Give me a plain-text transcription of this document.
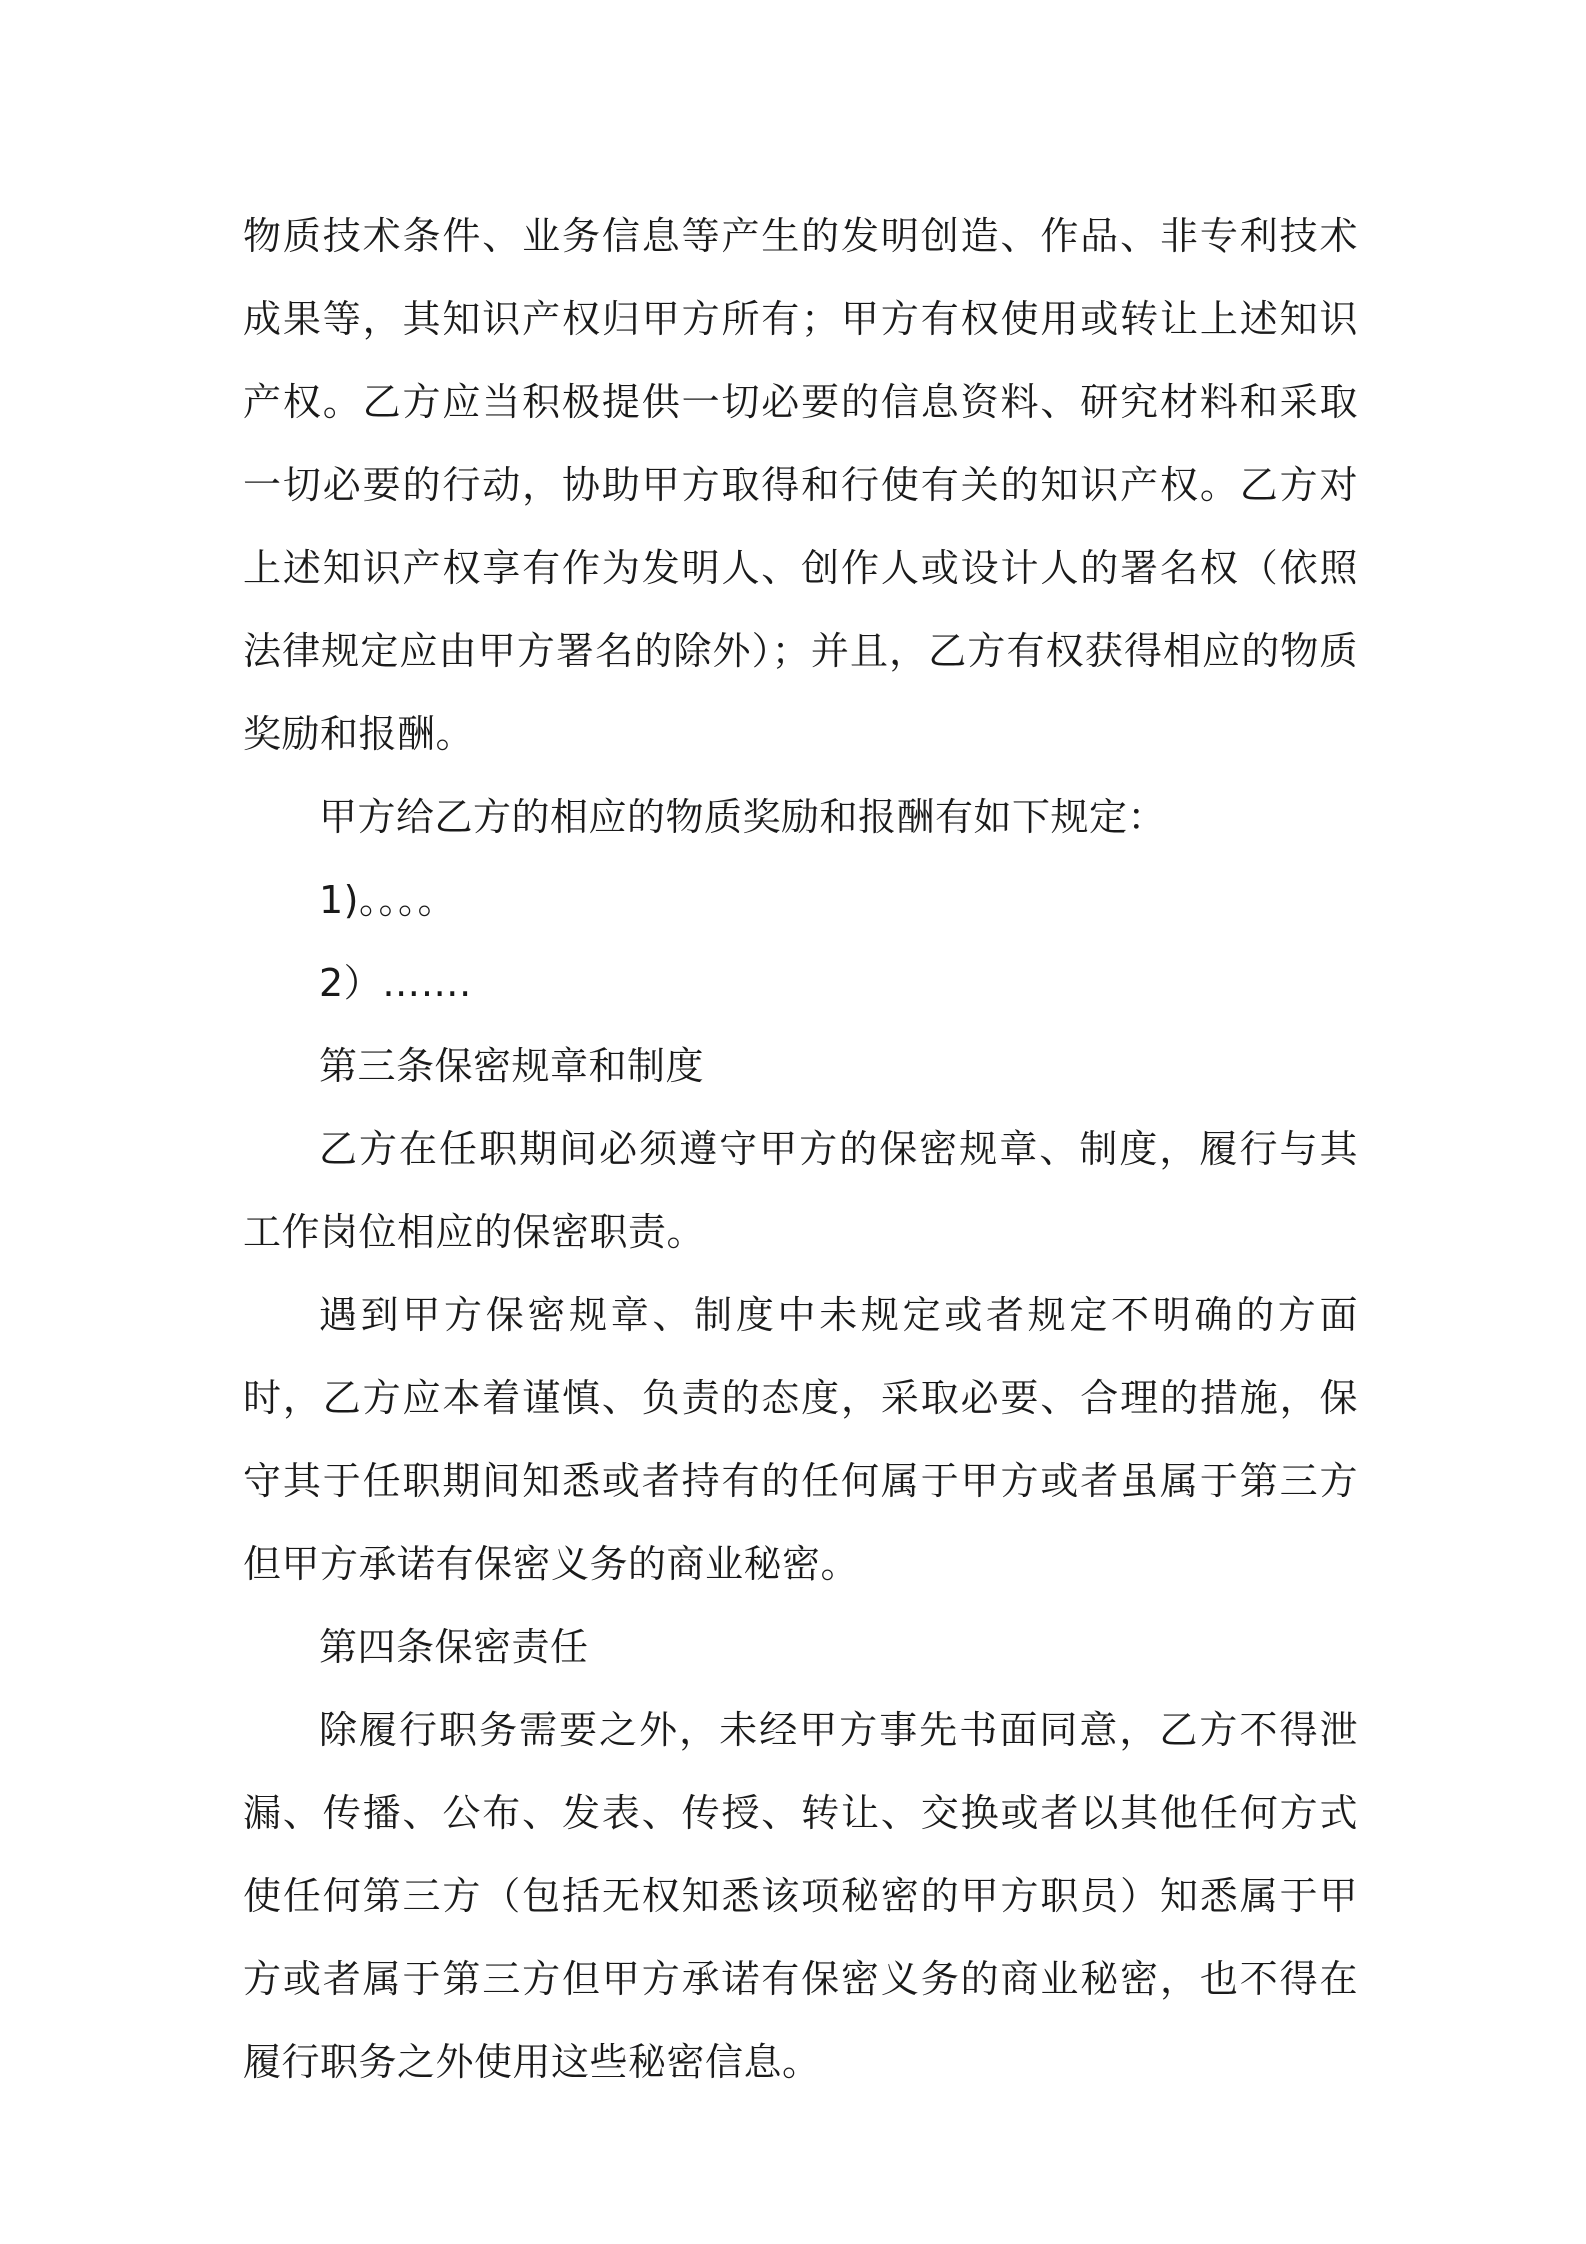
物质技术条件、业务信息等产生的发明创造、作品、非专利技术成果等，其知识产权归甲方所有；甲方有权使用或转让上述知识产权。乙方应当积极提供一切必要的信息资料、研究材料和采取一切必要的行动，协助甲方取得和行使有关的知识产权。乙方对上述知识产权享有作为发明人、创作人或设计人的署名权（依照法律规定应由甲方署名的除外）；并且，乙方有权获得相应的物质奖励和报酬。

甲方给乙方的相应的物质奖励和报酬有如下规定：

1)。。。。

2）…….

第三条保密规章和制度

乙方在任职期间必须遵守甲方的保密规章、制度，履行与其工作岗位相应的保密职责。

遇到甲方保密规章、制度中未规定或者规定不明确的方面时，乙方应本着谨慎、负责的态度，采取必要、合理的措施，保守其于任职期间知悉或者持有的任何属于甲方或者虽属于第三方但甲方承诺有保密义务的商业秘密。

第四条保密责任

除履行职务需要之外，未经甲方事先书面同意，乙方不得泄漏、传播、公布、发表、传授、转让、交换或者以其他任何方式使任何第三方（包括无权知悉该项秘密的甲方职员）知悉属于甲方或者属于第三方但甲方承诺有保密义务的商业秘密，也不得在履行职务之外使用这些秘密信息。
